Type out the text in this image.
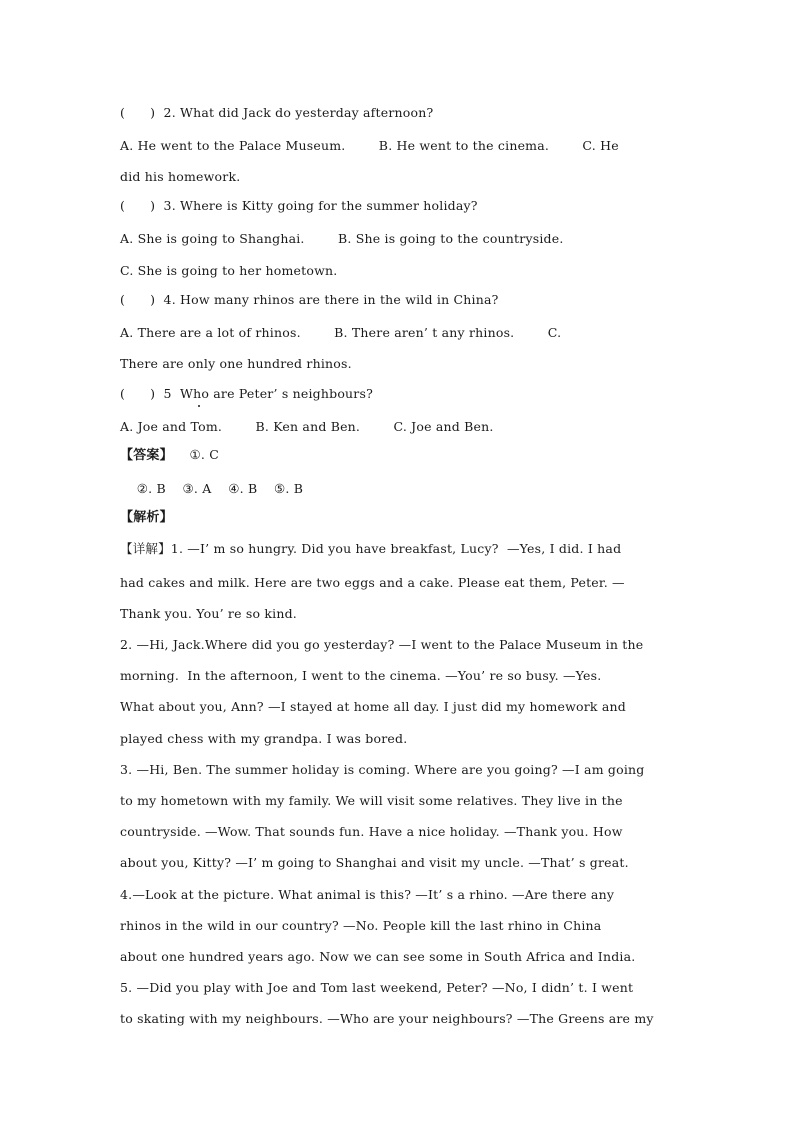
(      )  2. What did Jack do yesterday afternoon?
A. He went to the Palace Museum.        B. He went to the cinema.        C. He
did his homework.
(      )  3. Where is Kitty going for the summer holiday?
A. She is going to Shanghai.        B. She is going to the countryside.
C. She is going to her hometown.
(      )  4. How many rhinos are there in the wild in China?
A. There are a lot of rhinos.        B. There aren’ t any rhinos.        C.
There are only one hundred rhinos.
(      )  5  Who are Peter’ s neighbours?
A. Joe and Tom.        B. Ken and Ben.        C. Joe and Ben.
【答案】    ①. C
②. B    ③. A    ④. B    ⑤. B
【解析】
【详解】1. —I’ m so hungry. Did you have breakfast, Lucy?  —Yes, I did. I had
had cakes and milk. Here are two eggs and a cake. Please eat them, Peter. —
Thank you. You’ re so kind.
2. —Hi, Jack.Where did you go yesterday? —I went to the Palace Museum in the
morning.  In the afternoon, I went to the cinema. —You’ re so busy. —Yes.
What about you, Ann? —I stayed at home all day. I just did my homework and
played chess with my grandpa. I was bored.
3. —Hi, Ben. The summer holiday is coming. Where are you going? —I am going
to my hometown with my family. We will visit some relatives. They live in the
countryside. —Wow. That sounds fun. Have a nice holiday. —Thank you. How
about you, Kitty? —I’ m going to Shanghai and visit my uncle. —That’ s great.
4.—Look at the picture. What animal is this? —It’ s a rhino. —Are there any
rhinos in the wild in our country? —No. People kill the last rhino in China
about one hundred years ago. Now we can see some in South Africa and India.
5. —Did you play with Joe and Tom last weekend, Peter? —No, I didn’ t. I went
to skating with my neighbours. —Who are your neighbours? —The Greens are my
